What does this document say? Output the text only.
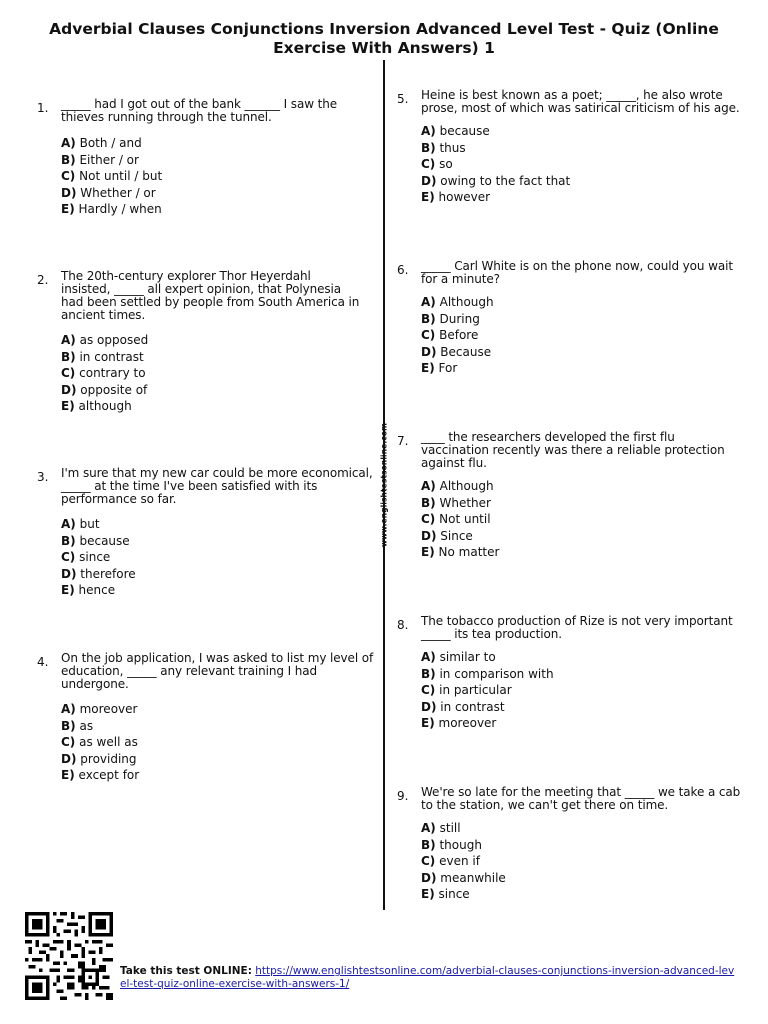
Adverbial Clauses Conjunctions Inversion Advanced Level Test - Quiz (Online Exercise With Answers) 1
www.englishtestsonline.com
1. _____ had I got out of the bank ______ I saw the thieves running through the tunnel.
A) Both / and
B) Either / or
C) Not until / but
D) Whether / or
E) Hardly / when
2. The 20th-century explorer Thor Heyerdahl insisted, _____ all expert opinion, that Polynesia had been settled by people from South America in ancient times.
A) as opposed
B) in contrast
C) contrary to
D) opposite of
E) although
3. I'm sure that my new car could be more economical, _____ at the time I've been satisfied with its performance so far.
A) but
B) because
C) since
D) therefore
E) hence
4. On the job application, I was asked to list my level of education, _____ any relevant training I had undergone.
A) moreover
B) as
C) as well as
D) providing
E) except for
5. Heine is best known as a poet; _____, he also wrote prose, most of which was satirical criticism of his age.
A) because
B) thus
C) so
D) owing to the fact that
E) however
6. _____ Carl White is on the phone now, could you wait for a minute?
A) Although
B) During
C) Before
D) Because
E) For
7. ____ the researchers developed the first flu vaccination recently was there a reliable protection against flu.
A) Although
B) Whether
C) Not until
D) Since
E) No matter
8. The tobacco production of Rize is not very important _____ its tea production.
A) similar to
B) in comparison with
C) in particular
D) in contrast
E) moreover
9. We're so late for the meeting that _____ we take a cab to the station, we can't get there on time.
A) still
B) though
C) even if
D) meanwhile
E) since
Take this test ONLINE: https://www.englishtestsonline.com/adverbial-clauses-conjunctions-inversion-advanced-level-test-quiz-online-exercise-with-answers-1/
